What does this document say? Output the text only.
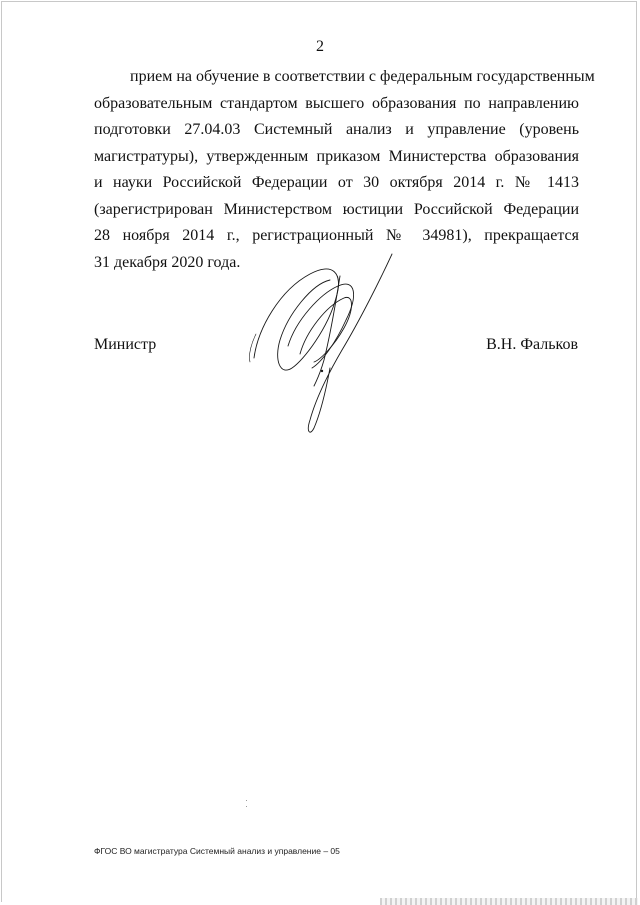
2
прием на обучение в соответствии с федеральным государственным
образовательным стандартом высшего образования по направлению
подготовки 27.04.03 Системный анализ и управление (уровень
магистратуры), утвержденным приказом Министерства образования
и науки Российской Федерации от 30 октября 2014 г. № 1413
(зарегистрирован Министерством юстиции Российской Федерации
28 ноября 2014 г., регистрационный № 34981), прекращается
31 декабря 2020 года.
Министр	В.Н. Фальков
ФГОС ВО магистратура Системный анализ и управление – 05
